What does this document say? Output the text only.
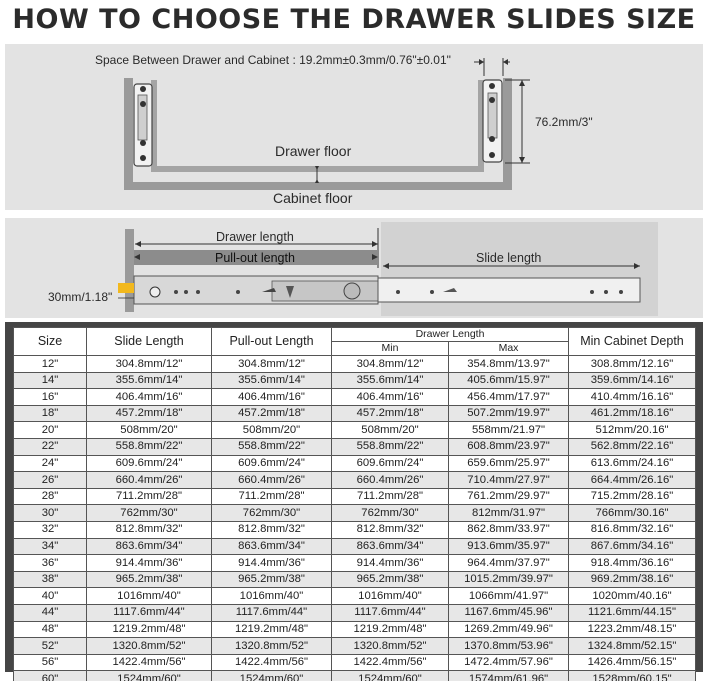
HOW TO CHOOSE THE DRAWER SLIDES SIZE
Space Between Drawer and Cabinet : 19.2mm±0.3mm/0.76"±0.01"
76.2mm/3"
Drawer floor
Cabinet floor
Drawer length
Pull-out length	Slide length
30mm/1.18"
Size	Slide Length	Pull-out Length	Drawer Length		Min Cabinet Depth
			Min	Max	
12"	304.8mm/12"	304.8mm/12"	304.8mm/12"	354.8mm/13.97"	308.8mm/12.16"
14"	355.6mm/14"	355.6mm/14"	355.6mm/14"	405.6mm/15.97"	359.6mm/14.16"
16"	406.4mm/16"	406.4mm/16"	406.4mm/16"	456.4mm/17.97"	410.4mm/16.16"
18"	457.2mm/18"	457.2mm/18"	457.2mm/18"	507.2mm/19.97"	461.2mm/18.16"
20"	508mm/20"	508mm/20"	508mm/20"	558mm/21.97"	512mm/20.16"
22"	558.8mm/22"	558.8mm/22"	558.8mm/22"	608.8mm/23.97"	562.8mm/22.16"
24"	609.6mm/24"	609.6mm/24"	609.6mm/24"	659.6mm/25.97"	613.6mm/24.16"
26"	660.4mm/26"	660.4mm/26"	660.4mm/26"	710.4mm/27.97"	664.4mm/26.16"
28"	711.2mm/28"	711.2mm/28"	711.2mm/28"	761.2mm/29.97"	715.2mm/28.16"
30"	762mm/30"	762mm/30"	762mm/30"	812mm/31.97"	766mm/30.16"
32"	812.8mm/32"	812.8mm/32"	812.8mm/32"	862.8mm/33.97"	816.8mm/32.16"
34"	863.6mm/34"	863.6mm/34"	863.6mm/34"	913.6mm/35.97"	867.6mm/34.16"
36"	914.4mm/36"	914.4mm/36"	914.4mm/36"	964.4mm/37.97"	918.4mm/36.16"
38"	965.2mm/38"	965.2mm/38"	965.2mm/38"	1015.2mm/39.97"	969.2mm/38.16"
40"	1016mm/40"	1016mm/40"	1016mm/40"	1066mm/41.97"	1020mm/40.16"
44"	1117.6mm/44"	1117.6mm/44"	1117.6mm/44"	1167.6mm/45.96"	1121.6mm/44.15"
48"	1219.2mm/48"	1219.2mm/48"	1219.2mm/48"	1269.2mm/49.96"	1223.2mm/48.15"
52"	1320.8mm/52"	1320.8mm/52"	1320.8mm/52"	1370.8mm/53.96"	1324.8mm/52.15"
56"	1422.4mm/56"	1422.4mm/56"	1422.4mm/56"	1472.4mm/57.96"	1426.4mm/56.15"
60"	1524mm/60"	1524mm/60"	1524mm/60"	1574mm/61.96"	1528mm/60.15"
